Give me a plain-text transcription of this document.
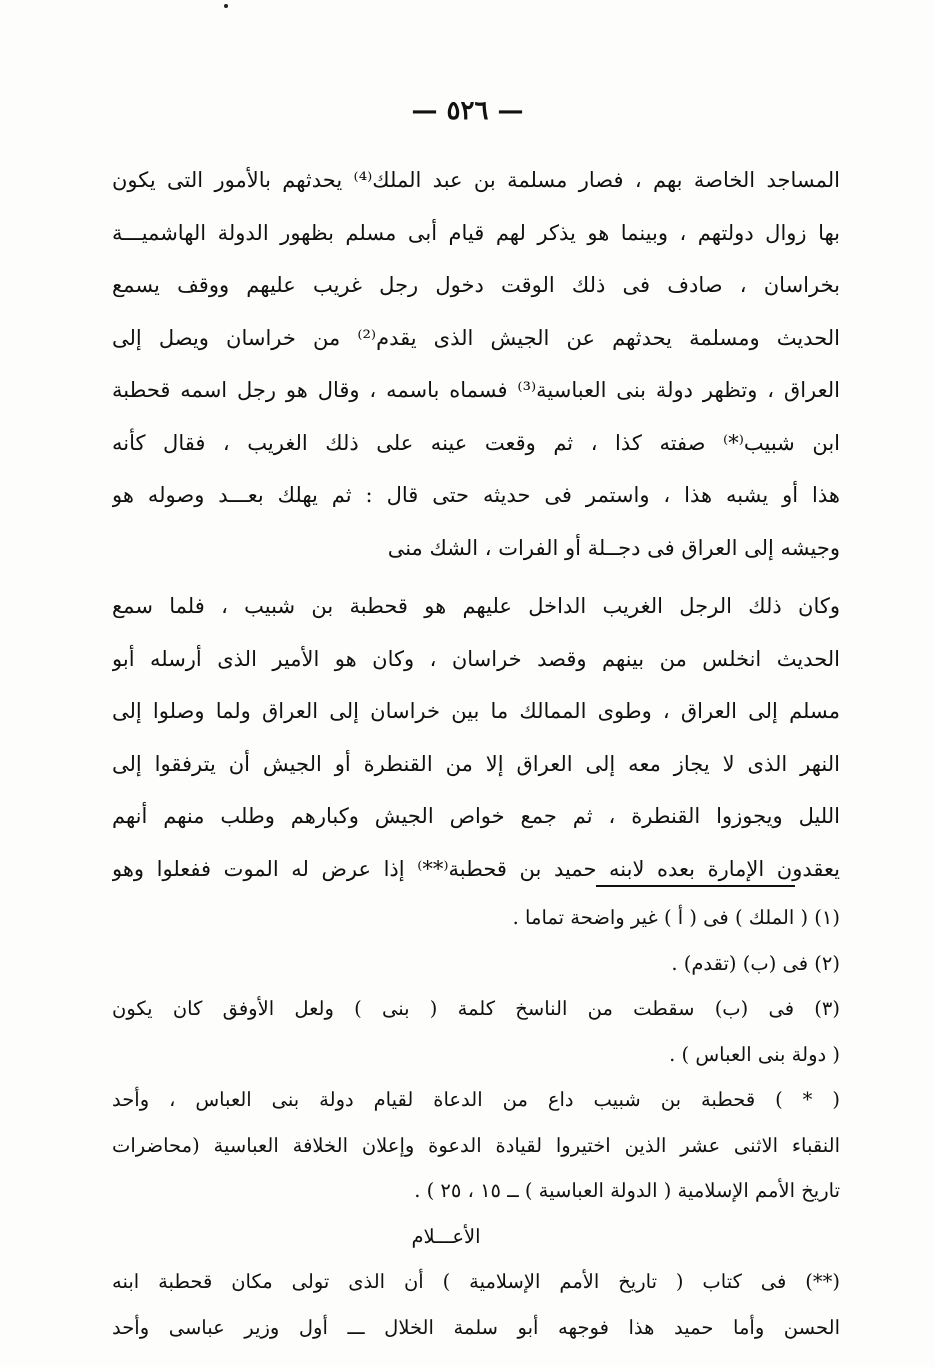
— ٥٢٦ —
المساجد الخاصة بهم ، فصار مسلمة بن عبد الملك⁽⁴⁾ يحدثهم بالأمور التى يكون
بها زوال دولتهم ، وبينما هو يذكر لهم قيام أبى مسلم بظهور الدولة الهاشميـــة
بخراسان ، صادف فى ذلك الوقت دخول رجل غريب عليهم ووقف يسمع
الحديث ومسلمة يحدثهم عن الجيش الذى يقدم⁽²⁾ من خراسان ويصل إلى
العراق ، وتظهر دولة بنى العباسية⁽³⁾ فسماه باسمه ، وقال هو رجل اسمه قحطبة
ابن شبيب⁽*⁾ صفته كذا ، ثم وقعت عينه على ذلك الغريب ، فقال كأنه
هذا أو يشبه هذا ، واستمر فى حديثه حتى قال : ثم يهلك بعـــد وصوله هو
وجيشه إلى العراق فى دجــلة أو الفرات ، الشك منى
وكان ذلك الرجل الغريب الداخل عليهم هو قحطبة بن شبيب ، فلما سمع
الحديث انخلس من بينهم وقصد خراسان ، وكان هو الأمير الذى أرسله أبو
مسلم إلى العراق ، وطوى الممالك ما بين خراسان إلى العراق ولما وصلوا إلى
النهر الذى لا يجاز معه إلى العراق إلا من القنطرة أو الجيش أن يترفقوا إلى
الليل ويجوزوا القنطرة ، ثم جمع خواص الجيش وكبارهم وطلب منهم أنهم
يعقدون الإمارة بعده لابنه حميد بن قحطبة⁽**⁾ إذا عرض له الموت ففعلوا وهو
(١) ( الملك ) فى ( أ ) غير واضحة تماما .
(٢) فى (ب) (تقدم) .
(٣) فى (ب) سقطت من الناسخ كلمة ( بنى ) ولعل الأوفق كان يكون
( دولة بنى العباس ) .
( * ) قحطبة بن شبيب داع من الدعاة لقيام دولة بنى العباس ، وأحد
النقباء الاثنى عشر الذين اختيروا لقيادة الدعوة وإعلان الخلافة العباسية (محاضرات
تاريخ الأمم الإسلامية ( الدولة العباسية ) ــ ١٥ ، ٢٥ ) .
الأعـــلام
(**) فى كتاب ( تاريخ الأمم الإسلامية ) أن الذى تولى مكان قحطبة ابنه
الحسن وأما حميد هذا فوجهه أبو سلمة الخلال ـــ أول وزير عباسى وأحد
